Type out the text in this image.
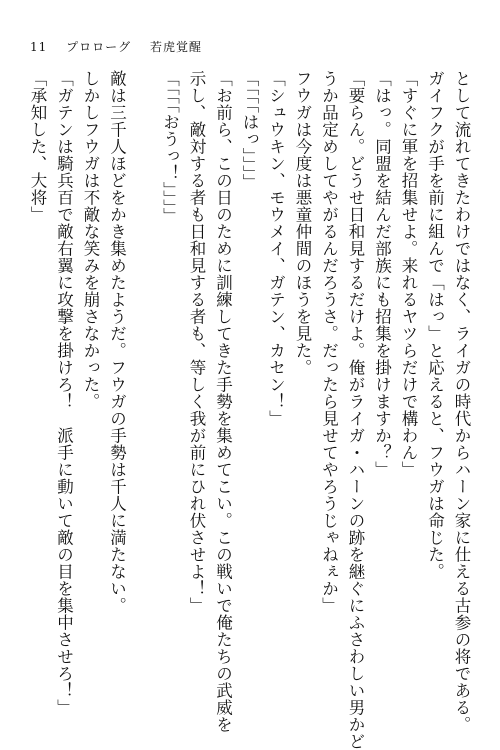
11 プロローグ 若虎覚醒
として流れてきたわけではなく、ライガの時代からハーン家に仕える古参の将である。
ガイフクが手を前に組んで「はっ」と応えると、フウガは命じた。
「すぐに軍を招集せよ。来れるヤツらだけで構わん」
「はっ。同盟を結んだ部族にも招集を掛けますか？」
「要らん。どうせ日和見するだけよ。俺がライガ・ハーンの跡を継ぐにふさわしい男かど
うか品定めしてやがるんだろうさ。だったら見せてやろうじゃねぇか」
フウガは今度は悪童仲間のほうを見た。
「シュウキン、モウメイ、ガテン、カセン！」
「「「「はっ」」」」
「お前ら、この日のために訓練してきた手勢を集めてこい。この戦いで俺たちの武威を
示し、敵対する者も日和見する者も、等しく我が前にひれ伏させよ！」
「「「「おうっ！」」」」
敵は三千人ほどをかき集めたようだ。フウガの手勢は千人に満たない。
しかしフウガは不敵な笑みを崩さなかった。
「ガテンは騎兵百で敵右翼に攻撃を掛けろ！　派手に動いて敵の目を集中させろ！」
「承知した、大将」
